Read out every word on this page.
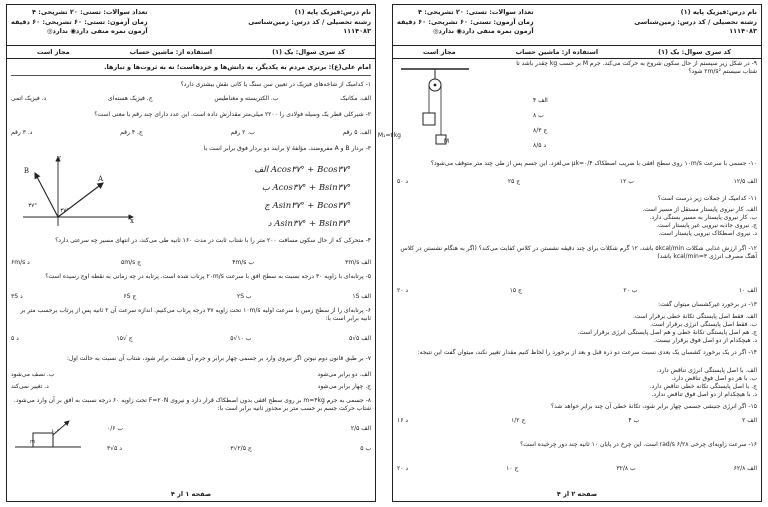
نام درس:فیزیک پایه (۱)
رشته تحصیلی / کد درس: زمین‌شناسی
۱۱۱۴۰۸۳
تعداد سوالات: تستی: ۲۰ تشریحی: ۴
زمان آزمون: تستی: ۶۰ تشریحی: ۶۰ دقیقه
آزمون نمره منفی دارد◉ ندارد◎
کد سری سوال: یک (۱)
استفاده از: ماشین حساب
مجاز است
۹- در شکل زیر سیستم از حال سکون شروع به حرکت می‌کند. جرم M بر حسب kg چقدر باشد تا شتاب سیستم ۲m/s² شود؟
M₁=۴kg
M
الف ۴
ب ۸
ج ۸/۳
د ۸/۵
۱۰- جسمی با سرعت ۱۰m/s روی سطح افقی با ضریب اصطکاک μk=۰/۴ می‌لغزد. این جسم پس از طی چند متر متوقف می‌شود؟
الف ۱۲/۵
ب ۱۲
ج ۲۵
د ۵۰
۱۱- کدامیک از جملات زیر درست است؟
الف. کار نیروی پایستار مستقل از مسیر است.
ب. کار نیروی پایستار به مسیر بستگی دارد.
ج. نیروی جاذبه نیرویی غیر پایستار است.
د. نیروی اصطکاک نیرویی پایستار است.
۱۲- اگر ارزش غذایی شکلات ۵kcal/min باشد، ۱۲ گرم شکلات برای چند دقیقه نشستن در کلاس کفایت می‌کند؟ (اگر به هنگام نشستن در کلاس آهنگ مصرف انرژی ۳=kcal/min باشد)
الف ۱۰
ب ۲۰
ج ۱۵
د ۲۰
۱۳- در برخورد غیرکشسان میتوان گفت:
الف. فقط اصل پایستگی تکانهٔ خطی برقرار است.
ب. فقط اصل پایستگی انرژی برقرار است.
ج. هم اصل پایستگی تکانهٔ خطی و هم اصل پایستگی انرژی برقرار است.
د. هیچکدام از دو اصل فوق برقرار نیست.
۱۴- اگر در یک برخورد کشسان یک بعدی نسبت سرعت دو ذره قبل و بعد از برخورد را لحاظ کنیم مقدار تغییر نکند، میتوان گفت این نتیجه:
الف. با اصل پایستگی انرژی تناقض دارد.
ب. با هر دو اصل فوق تناقض دارد.
ج. با اصل پایستگی تکانه خطی تناقض دارد.
د. با هیچکدام از دو اصل فوق تناقض ندارد.
۱۵- اگر انرژی جنبشی جسمی چهار برابر شود، تکانهٔ خطی آن چند برابر خواهد شد؟
الف ۲
ب ۴
ج ۱/۲
د ۱۶
۱۶- سرعت زاویه‌ای چرخی ۶/۲۸ rad/s است. این چرخ در پایان ۱۰ ثانیه چند دور چرخیده است؟
الف ۶۲/۸
ب ۳۲/۸
ج ۱۰
د ۲۰
صفحه ۲ از ۴
نام درس:فیزیک پایه (۱)
رشته تحصیلی / کد درس: زمین‌شناسی
۱۱۱۴۰۸۳
تعداد سوالات: تستی: ۲۰ تشریحی: ۴
زمان آزمون: تستی: ۶۰ تشریحی: ۶۰ دقیقه
آزمون نمره منفی دارد◉ ندارد◎
کد سری سوال: یک (۱)
استفاده از: ماشین حساب
مجاز است
امام علی(ع): برتری مردم به یکدیگر، به دانش‌ها و خردهاست؛ نه به ثروت‌ها و تبارها.
۱- کدامیک از شاخه‌های فیزیک در تعیین سن سنگ یا کانی نقش بیشتری دارد؟
الف. مکانیک
ب. الکتریسته و مغناطیس
ج. فیزیک هسته‌ای
د. فیزیک اتمی
۲- شیرکلی قطر یک وسیله فولادی را ۲۲۰۰ میلی‌متر مقدارش داده است. این عدد دارای چند رقم با معنی است؟
الف. ۵ رقم
ب. ۲ رقم
ج. ۴ رقم
د. ۳ رقم
۳- بردار B و A مفروضند. مؤلفهٔ y برایند دو بردار فوق برابر است با
x
y
B
A
۳۷°
۳۷°
الف Acos۳۷° + Bcos۳۷°
ب Acos۳۷° + Bsin۳۷°
ج Asin۳۷° + Bcos۳۷°
د Asin۳۷° + Bsin۳۷°
۴- متحرکی که از حال سکون مسافت ۲۰۰ متر را با شتاب ثابت در مدت ۱۶۰ ثانیه طی می‌کند، در انتهای مسیر چه سرعتی دارد؟
الف ۳m/s
ب ۴m/s
ج ۵m/s
د ۶m/s
۵- پرتابه‌ای با زاویه ۳۰ درجه نسبت به سطح افق با سرعت ۲۰m/s پرتاب شده است. پرتابه در چه زمانی به نقطه اوج رسیده است؟
الف ۱S
ب ۲S
ج ۶S
د ۳S
۶- پرتابه‌ای را از سطح زمین با سرعت اولیه ۱۰m/s تحت زاویه ۳۷ درجه پرتاب می‌کنیم. اندازه سرعت آن ۲ ثانیه پس از پرتاب برحسب متر بر ثانیه برابر است با:
الف ۵√۵
ب ۱۰√۵
ج √۱۵
د ۵
۷- بر طبق قانون دوم نیوتن اگر نیروی وارد بر جسمی چهار برابر و جرم آن هشت برابر شود، شتاب آن نسبت به حالت اول:
الف. دو برابر می‌شود
ب. نصف می‌شود
ج. چهار برابر می‌شود
د. تغییر نمی‌کند
۸- جسمی به جرم m=۴kg بر روی سطح افقی بدون اصطکاک قرار دارد و نیروی F=۲۰N تحت زاویه ۶۰ درجه نسبت به افق بر آن وارد می‌شود. شتاب حرکت جسم بر حسب متر بر مجذور ثانیه برابر است با:
m
۶۰°	الف ۲/۵
ب ۰/۶
ب ۵
ج ۲/۵√۳
د ۵√۳
صفحه ۱ از ۴
